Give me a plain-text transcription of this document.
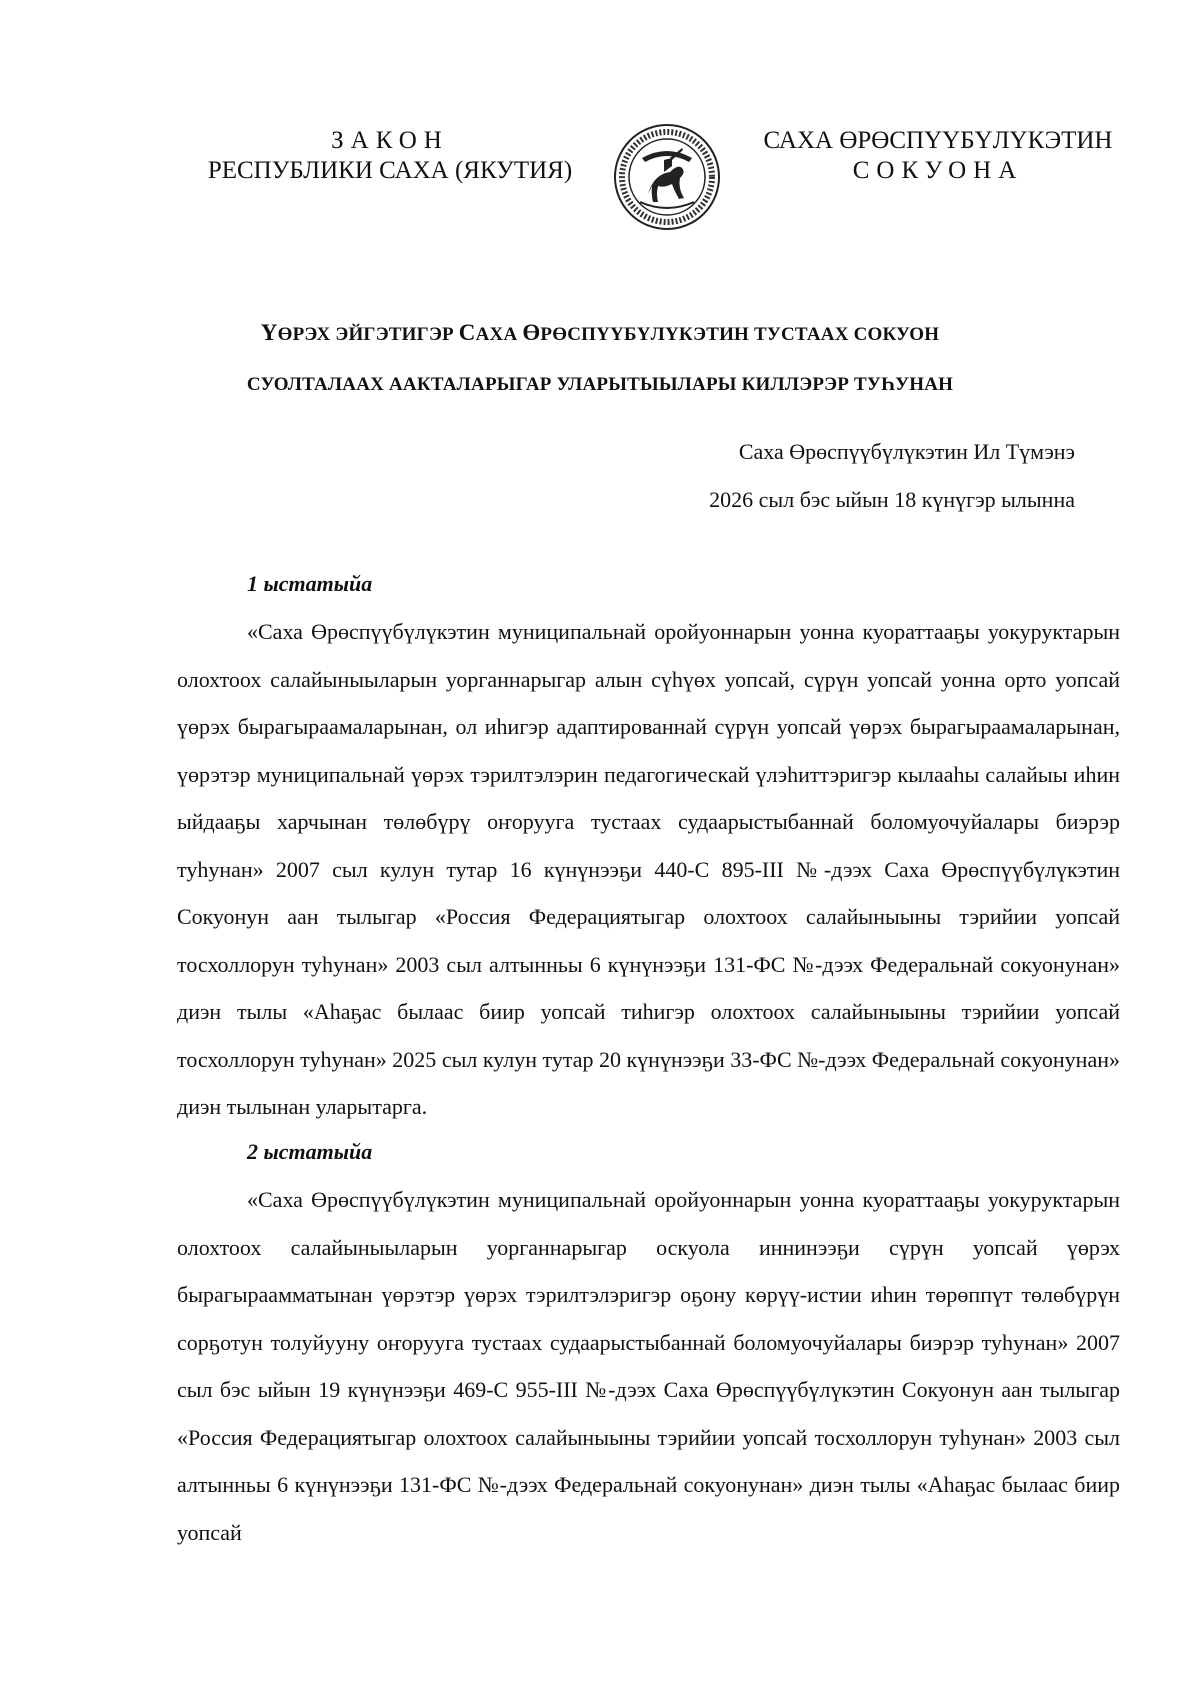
ЗАКОН
РЕСПУБЛИКИ САХА (ЯКУТИЯ)
САХА ӨРӨСПҮҮБҮЛҮКЭТИН
СОКУОНА
ҮӨРЭХ ЭЙГЭТИГЭР САХА ӨРӨСПҮҮБҮЛҮКЭТИН ТУСТААХ СОКУОН
СУОЛТАЛААХ ААКТАЛАРЫГАР УЛАРЫТЫЫЛАРЫ КИЛЛЭРЭР ТУҺУНАН
Саха Өрөспүүбүлүкэтин Ил Түмэнэ
2026 сыл бэс ыйын 18 күнүгэр ылынна
1 ыстатыйа

«Саха Өрөспүүбүлүкэтин муниципальнай оройуоннарын уонна куораттааҕы уокуруктарын олохтоох салайыныыларын уорганнарыгар алын сүһүөх уопсай, сүрүн уопсай уонна орто уопсай үөрэх бырагыраамаларынан, ол иһигэр адаптированнай сүрүн уопсай үөрэх бырагыраамаларынан, үөрэтэр муниципальнай үөрэх тэрилтэлэрин педагогическай үлэһиттэригэр кылааһы салайыы иһин ыйдааҕы харчынан төлөбүрү оҥорууга тустаах судаарыстыбаннай боломуочуйалары биэрэр туһунан» 2007 сыл кулун тутар 16 күнүнээҕи 440-С 895-III №-дээх Саха Өрөспүүбүлүкэтин Сокуонун аан тылыгар «Россия Федерациятыгар олохтоох салайыныыны тэрийии уопсай тосхоллорун туһунан» 2003 сыл алтынньы 6 күнүнээҕи 131-ФС №-дээх Федеральнай сокуонунан» диэн тылы «Аһаҕас былаас биир уопсай тиһигэр олохтоох салайыныыны тэрийии уопсай тосхоллорун туһунан» 2025 сыл кулун тутар 20 күнүнээҕи 33-ФС №-дээх Федеральнай сокуонунан» диэн тылынан уларытарга.

2 ыстатыйа

«Саха Өрөспүүбүлүкэтин муниципальнай оройуоннарын уонна куораттааҕы уокуруктарын олохтоох салайыныыларын уорганнарыгар оскуола иннинээҕи сүрүн уопсай үөрэх бырагыраамматынан үөрэтэр үөрэх тэрилтэлэригэр оҕону көрүү-истии иһин төрөппүт төлөбүрүн сорҕотун толуйууну оҥорууга тустаах судаарыстыбаннай боломуочуйалары биэрэр туһунан» 2007 сыл бэс ыйын 19 күнүнээҕи 469-С 955-III №-дээх Саха Өрөспүүбүлүкэтин Сокуонун аан тылыгар «Россия Федерациятыгар олохтоох салайыныыны тэрийии уопсай тосхоллорун туһунан» 2003 сыл алтынньы 6 күнүнээҕи 131-ФС №-дээх Федеральнай сокуонунан» диэн тылы «Аһаҕас былаас биир уопсай
